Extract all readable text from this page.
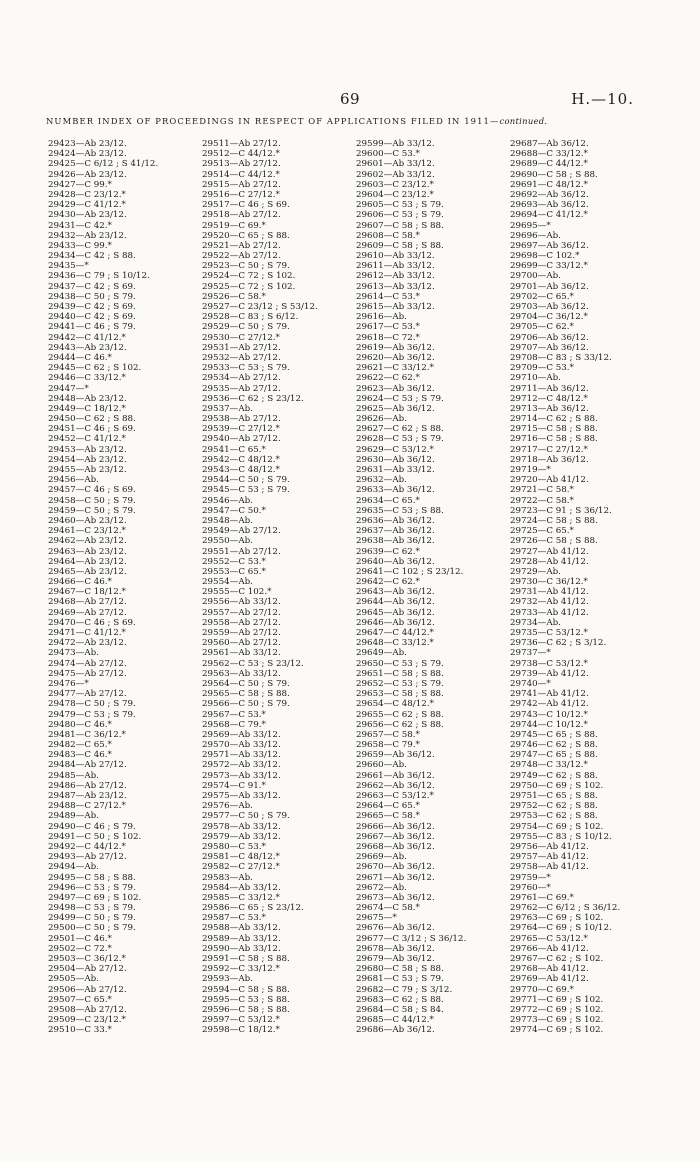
69	H.—10.
NUMBER INDEX OF PROCEEDINGS IN RESPECT OF APPLICATIONS FILED IN 1911—continued.
29423—Ab 23/12.
29424—Ab 23/12.
29425—C 6/12 ; S 41/12.
29426—Ab 23/12.
29427—C 99.*
29428—C 23/12.*
29429—C 41/12.*
29430—Ab 23/12.
29431—C 42.*
29432—Ab 23/12.
29433—C 99.*
29434—C 42 ; S 88.
29435—*
29436—C 79 ; S 10/12.
29437—C 42 ; S 69.
29438—C 50 ; S 79.
29439—C 42 ; S 69.
29440—C 42 ; S 69.
29441—C 46 ; S 79.
29442—C 41/12.*
29443—Ab 23/12.
29444—C 46.*
29445—C 62 ; S 102.
29446—C 33/12.*
29447—*
29448—Ab 23/12.
29449—C 18/12.*
29450—C 62 ; S 88.
29451—C 46 ; S 69.
29452—C 41/12.*
29453—Ab 23/12.
29454—Ab 23/12.
29455—Ab 23/12.
29456—Ab.
29457—C 46 ; S 69.
29458—C 50 ; S 79.
29459—C 50 ; S 79.
29460—Ab 23/12.
29461—C 23/12.*
29462—Ab 23/12.
29463—Ab 23/12.
29464—Ab 23/12.
29465—Ab 23/12.
29466—C 46.*
29467—C 18/12.*
29468—Ab 27/12.
29469—Ab 27/12.
29470—C 46 ; S 69.
29471—C 41/12.*
29472—Ab 23/12.
29473—Ab.
29474—Ab 27/12.
29475—Ab 27/12.
29476—*
29477—Ab 27/12.
29478—C 50 ; S 79.
29479—C 53 ; S 79.
29480—C 46.*
29481—C 36/12.*
29482—C 65.*
29483—C 46.*
29484—Ab 27/12.
29485—Ab.
29486—Ab 27/12.
29487—Ab 23/12.
29488—C 27/12.*
29489—Ab.
29490—C 46 ; S 79.
29491—C 50 ; S 102.
29492—C 44/12.*
29493—Ab 27/12.
29494—Ab.
29495—C 58 ; S 88.
29496—C 53 ; S 79.
29497—C 69 ; S 102.
29498—C 53 ; S 79.
29499—C 50 ; S 79.
29500—C 50 ; S 79.
29501—C 46.*
29502—C 72.*
29503—C 36/12.*
29504—Ab 27/12.
29505—Ab.
29506—Ab 27/12.
29507—C 65.*
29508—Ab 27/12.
29509—C 23/12.*
29510—C 33.*
29511—Ab 27/12.
29512—C 44/12.*
29513—Ab 27/12.
29514—C 44/12.*
29515—Ab 27/12.
29516—C 27/12.*
29517—C 46 ; S 69.
29518—Ab 27/12.
29519—C 69.*
29520—C 65 ; S 88.
29521—Ab 27/12.
29522—Ab 27/12.
29523—C 50 ; S 79.
29524—C 72 ; S 102.
29525—C 72 ; S 102.
29526—C 58.*
29527—C 23/12 ; S 53/12.
29528—C 83 ; S 6/12.
29529—C 50 ; S 79.
29530—C 27/12.*
29531—Ab 27/12.
29532—Ab 27/12.
29533—C 53 ; S 79.
29534—Ab 27/12.
29535—Ab 27/12.
29536—C 62 ; S 23/12.
29537—Ab.
29538—Ab 27/12.
29539—C 27/12.*
29540—Ab 27/12.
29541—C 65.*
29542—C 48/12.*
29543—C 48/12.*
29544—C 50 ; S 79.
29545—C 53 ; S 79.
29546—Ab.
29547—C 50.*
29548—Ab.
29549—Ab 27/12.
29550—Ab.
29551—Ab 27/12.
29552—C 53.*
29553—C 65.*
29554—Ab.
29555—C 102.*
29556—Ab 33/12.
29557—Ab 27/12.
29558—Ab 27/12.
29559—Ab 27/12.
29560—Ab 27/12.
29561—Ab 33/12.
29562—C 53 ; S 23/12.
29563—Ab 33/12.
29564—C 50 ; S 79.
29565—C 58 ; S 88.
29566—C 50 ; S 79.
29567—C 53.*
29568—C 79.*
29569—Ab 33/12.
29570—Ab 33/12.
29571—Ab 33/12.
29572—Ab 33/12.
29573—Ab 33/12.
29574—C 91.*
29575—Ab 33/12.
29576—Ab.
29577—C 50 ; S 79.
29578—Ab 33/12.
29579—Ab 33/12.
29580—C 53.*
29581—C 48/12.*
29582—C 27/12.*
29583—Ab.
29584—Ab 33/12.
29585—C 33/12.*
29586—C 65 ; S 23/12.
29587—C 53.*
29588—Ab 33/12.
29589—Ab 33/12.
29590—Ab 33/12.
29591—C 58 ; S 88.
29592—C 33/12.*
29593—Ab.
29594—C 58 ; S 88.
29595—C 53 ; S 88.
29596—C 58 ; S 88.
29597—C 53/12.*
29598—C 18/12.*
29599—Ab 33/12.
29600—C 53.*
29601—Ab 33/12.
29602—Ab 33/12.
29603—C 23/12.*
29604—C 23/12.*
29605—C 53 ; S 79.
29606—C 53 ; S 79.
29607—C 58 ; S 88.
29608—C 58.*
29609—C 58 ; S 88.
29610—Ab 33/12.
29611—Ab 33/12.
29612—Ab 33/12.
29613—Ab 33/12.
29614—C 53.*
29615—Ab 33/12.
29616—Ab.
29617—C 53.*
29618—C 72.*
29619—Ab 36/12.
29620—Ab 36/12.
29621—C 33/12.*
29622—C 62.*
29623—Ab 36/12.
29624—C 53 ; S 79.
29625—Ab 36/12.
29626—Ab.
29627—C 62 ; S 88.
29628—C 53 ; S 79.
29629—C 53/12.*
29630—Ab 36/12.
29631—Ab 33/12.
29632—Ab.
29633—Ab 36/12.
29634—C 65.*
29635—C 53 ; S 88.
29636—Ab 36/12.
29637—Ab 36/12.
29638—Ab 36/12.
29639—C 62.*
29640—Ab 36/12.
29641—C 102 ; S 23/12.
29642—C 62.*
29643—Ab 36/12.
29644—Ab 36/12.
29645—Ab 36/12.
29646—Ab 36/12.
29647—C 44/12.*
29648—C 33/12.*
29649—Ab.
29650—C 53 ; S 79.
29651—C 58 ; S 88.
29652—C 53 ; S 79.
29653—C 58 ; S 88.
29654—C 48/12.*
29655—C 62 ; S 88.
29656—C 62 ; S 88.
29657—C 58.*
29658—C 79.*
29659—Ab 36/12.
29660—Ab.
29661—Ab 36/12.
29662—Ab 36/12.
29663—C 53/12.*
29664—C 65.*
29665—C 58.*
29666—Ab 36/12.
29667—Ab 36/12.
29668—Ab 36/12.
29669—Ab.
29670—Ab 36/12.
29671—Ab 36/12.
29672—Ab.
29673—Ab 36/12.
29674—C 58.*
29675—*
29676—Ab 36/12.
29677—C 3/12 ; S 36/12.
29678—Ab 36/12.
29679—Ab 36/12.
29680—C 58 ; S 88.
29681—C 53 ; S 79.
29682—C 79 ; S 3/12.
29683—C 62 ; S 88.
29684—C 58 ; S 84.
29685—C 44/12.*
29686—Ab 36/12.
29687—Ab 36/12.
29688—C 33/12.*
29689—C 44/12.*
29690—C 58 ; S 88.
29691—C 48/12.*
29692—Ab 36/12.
29693—Ab 36/12.
29694—C 41/12.*
29695—*
29696—Ab.
29697—Ab 36/12.
29698—C 102.*
29699—C 33/12.*
29700—Ab.
29701—Ab 36/12.
29702—C 65.*
29703—Ab 36/12.
29704—C 36/12.*
29705—C 62.*
29706—Ab 36/12.
29707—Ab 36/12.
29708—C 83 ; S 33/12.
29709—C 53.*
29710—Ab.
29711—Ab 36/12.
29712—C 48/12.*
29713—Ab 36/12.
29714—C 62 ; S 88.
29715—C 58 ; S 88.
29716—C 58 ; S 88.
29717—C 27/12.*
29718—Ab 36/12.
29719—*
29720—Ab 41/12.
29721—C 58.*
29722—C 58.*
29723—C 91 ; S 36/12.
29724—C 58 ; S 88.
29725—C 65.*
29726—C 58 ; S 88.
29727—Ab 41/12.
29728—Ab 41/12.
29729—Ab.
29730—C 36/12.*
29731—Ab 41/12.
29732—Ab 41/12.
29733—Ab 41/12.
29734—Ab.
29735—C 53/12.*
29736—C 62 ; S 3/12.
29737—*
29738—C 53/12.*
29739—Ab 41/12.
29740—*
29741—Ab 41/12.
29742—Ab 41/12.
29743—C 10/12.*
29744—C 10/12.*
29745—C 65 ; S 88.
29746—C 62 ; S 88.
29747—C 65 ; S 88.
29748—C 33/12.*
29749—C 62 ; S 88.
29750—C 69 ; S 102.
29751—C 65 ; S 88.
29752—C 62 ; S 88.
29753—C 62 ; S 88.
29754—C 69 ; S 102.
29755—C 83 ; S 10/12.
29756—Ab 41/12.
29757—Ab 41/12.
29758—Ab 41/12.
29759—*
29760—*
29761—C 69.*
29762—C 6/12 ; S 36/12.
29763—C 69 ; S 102.
29764—C 69 ; S 10/12.
29765—C 53/12.*
29766—Ab 41/12.
29767—C 62 ; S 102.
29768—Ab 41/12.
29769—Ab 41/12.
29770—C 69.*
29771—C 69 ; S 102.
29772—C 69 ; S 102.
29773—C 69 ; S 102.
29774—C 69 ; S 102.
